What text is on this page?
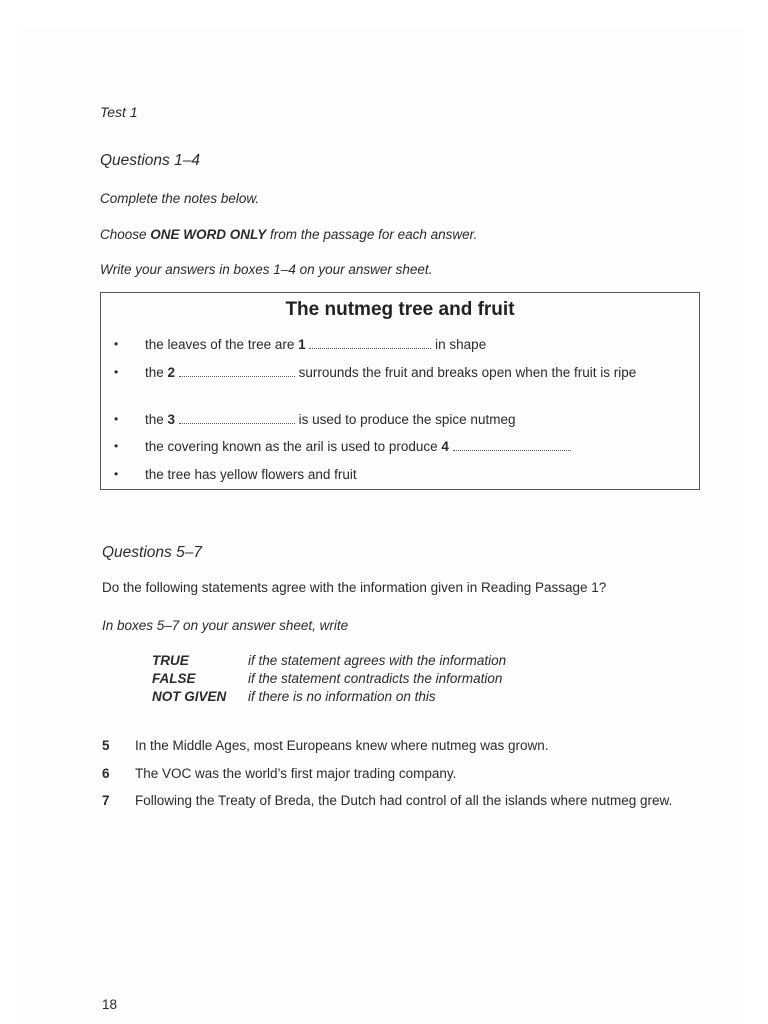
Test 1
Questions 1–4
Complete the notes below.
Choose ONE WORD ONLY from the passage for each answer.
Write your answers in boxes 1–4 on your answer sheet.
The nutmeg tree and fruit
• the leaves of the tree are 1	in shape
• the 2	surrounds the fruit and breaks open when the fruit is ripe
• the 3	is used to produce the spice nutmeg
• the covering known as the aril is used to produce 4
• the tree has yellow flowers and fruit
Questions 5–7
Do the following statements agree with the information given in Reading Passage 1?
In boxes 5–7 on your answer sheet, write
TRUE	if the statement agrees with the information
FALSE	if the statement contradicts the information
NOT GIVEN if there is no information on this
5 In the Middle Ages, most Europeans knew where nutmeg was grown.
6 The VOC was the world’s first major trading company.
7 Following the Treaty of Breda, the Dutch had control of all the islands where nutmeg grew.
18
